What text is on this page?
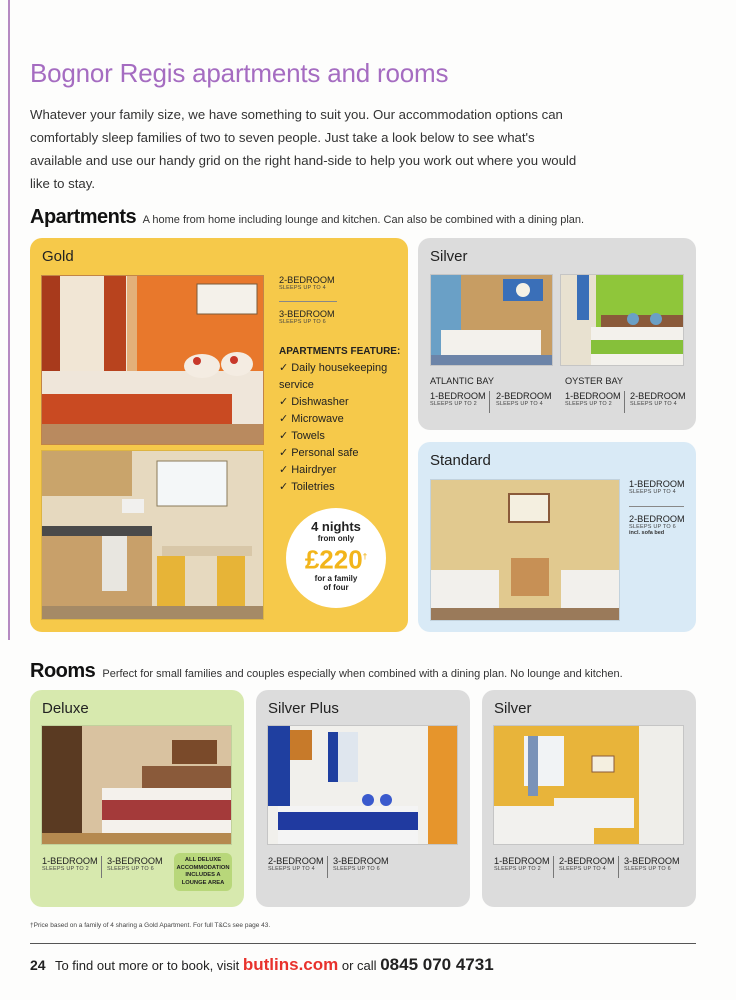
Bognor Regis apartments and rooms

Whatever your family size, we have something to suit you. Our accommodation options can comfortably sleep families of two to seven people. Just take a look below to see what's available and use our handy grid on the right hand-side to help you work out where you would like to stay.

Apartments A home from home including lounge and kitchen. Can also be combined with a dining plan.
Gold
2-BEDROOM
SLEEPS UP TO 4
3-BEDROOM
SLEEPS UP TO 6
APARTMENTS FEATURE:
✓ Daily housekeeping service
✓ Dishwasher
✓ Microwave
✓ Towels
✓ Personal safe
✓ Hairdryer
✓ Toiletries
4 nights
from only
£220†
for a family
of four
Silver
ATLANTIC BAY
1-BEDROOM
SLEEPS UP TO 2
2-BEDROOM
SLEEPS UP TO 4
OYSTER BAY
1-BEDROOM
SLEEPS UP TO 2
2-BEDROOM
SLEEPS UP TO 4
Standard
1-BEDROOM
SLEEPS UP TO 4
2-BEDROOM
SLEEPS UP TO 6
incl. sofa bed
Rooms Perfect for small families and couples especially when combined with a dining plan. No lounge and kitchen.
Deluxe
1-BEDROOM
SLEEPS UP TO 2
3-BEDROOM
SLEEPS UP TO 6
ALL DELUXE ACCOMMODATION INCLUDES A LOUNGE AREA
Silver Plus
2-BEDROOM
SLEEPS UP TO 4
3-BEDROOM
SLEEPS UP TO 6
Silver
1-BEDROOM
SLEEPS UP TO 2
2-BEDROOM
SLEEPS UP TO 4
3-BEDROOM
SLEEPS UP TO 6
†Price based on a family of 4 sharing a Gold Apartment. For full T&Cs see page 43.
24 To find out more or to book, visit butlins.com or call 0845 070 4731
